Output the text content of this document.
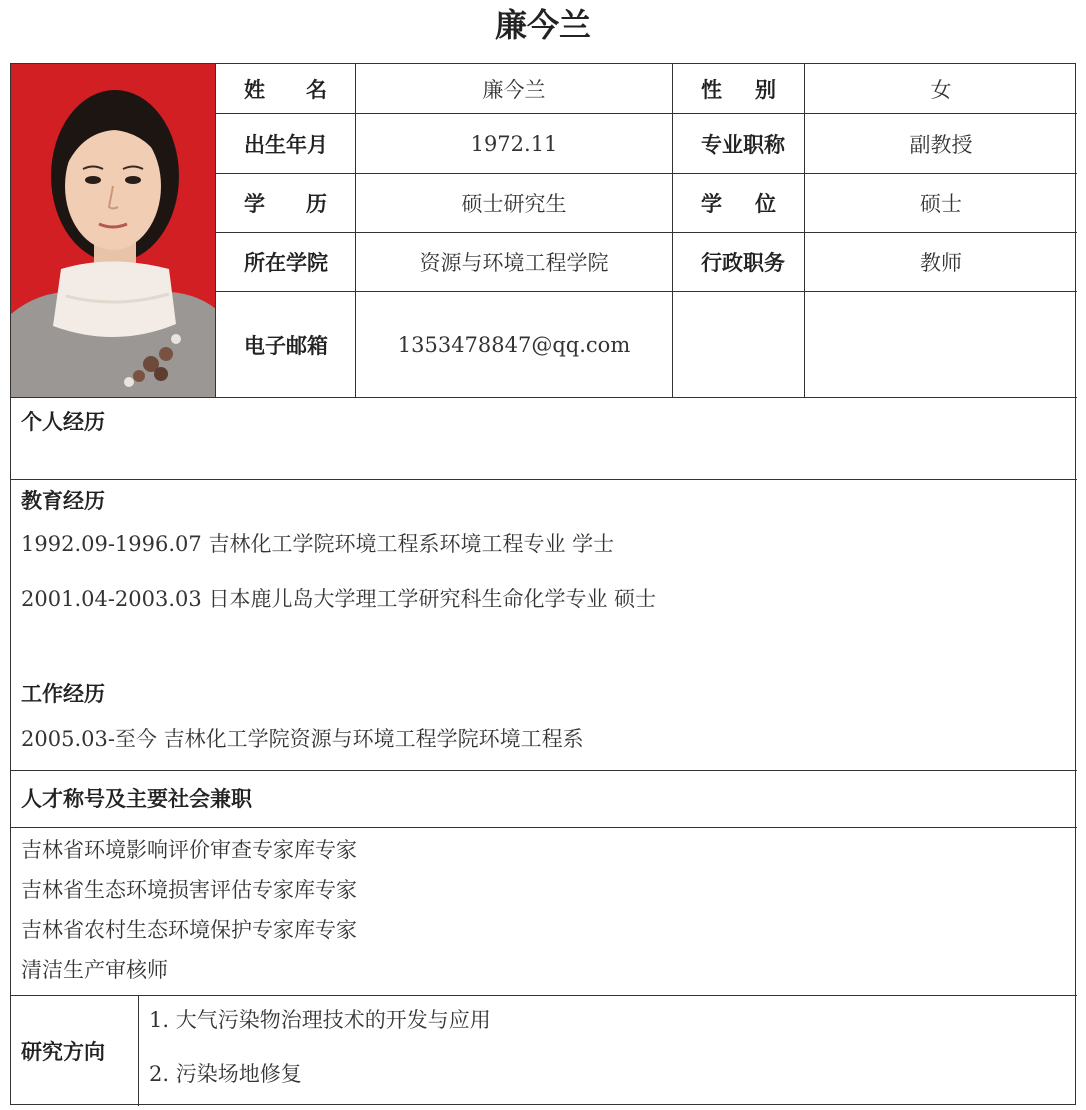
廉今兰
姓 名	廉今兰	性 别	女
出生年月	1972.11	专业职称	副教授
学 历	硕士研究生	学 位	硕士
所在学院	资源与环境工程学院	行政职务	教师
电子邮箱	1353478847@qq.com
个人经历
教育经历
1992.09-1996.07 吉林化工学院环境工程系环境工程专业 学士
2001.04-2003.03 日本鹿儿岛大学理工学研究科生命化学专业 硕士
工作经历
2005.03-至今 吉林化工学院资源与环境工程学院环境工程系
人才称号及主要社会兼职
吉林省环境影响评价审查专家库专家
吉林省生态环境损害评估专家库专家
吉林省农村生态环境保护专家库专家
清洁生产审核师
研究方向
1. 大气污染物治理技术的开发与应用
2. 污染场地修复
